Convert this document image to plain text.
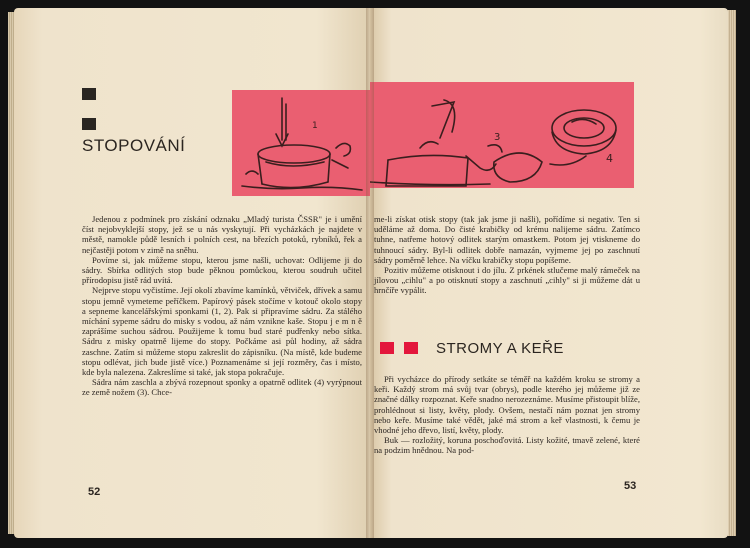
STOPOVÁNÍ
1

Jedenou z podmínek pro získání odznaku „Mladý turista ČSSR" je i umění číst nejobvyklejší stopy, jež se u nás vyskytují. Při vycházkách je najdete v městě, namokle půdě lesních i polních cest, na březích potoků, rybníků, řek a nejčastěji potom v zimě na sněhu.

Povíme si, jak můžeme stopu, kterou jsme našli, uchovat: Odlijeme ji do sádry. Sbírka odlitých stop bude pěknou pomůckou, kterou soudruh učitel přírodopisu jistě rád uvítá.

Nejprve stopu vyčistíme. Její okolí zbavíme kamínků, větviček, dřívek a samu stopu jemně vymeteme peříčkem. Papírový pásek stočíme v kotouč okolo stopy a sepneme kancelářskými sponkami (1, 2). Pak si připravíme sádru. Za stálého míchání sypeme sádru do misky s vodou, až nám vznikne kaše. Stopu j e m n ě zaprášíme suchou sádrou. Použijeme k tomu bud staré pudřenky nebo sítka. Sádru z misky opatrně lijeme do stopy. Počkáme asi půl hodiny, až sádra zaschne. Zatím si můžeme stopu zakreslit do zápisníku. (Na místě, kde budeme stopu odlévat, jich bude jistě více.) Poznamenáme si její rozměry, čas i místo, kde byla nalezena. Zakreslíme si také, jak stopa pokračuje.

Sádra nám zaschla a zbývá rozepnout sponky a opatrně odlitek (4) vyrýpnout ze země nožem (3). Chce-

52
3
4

me-li získat otisk stopy (tak jak jsme ji našli), pořídíme si negativ. Ten si uděláme až doma. Do čisté krabičky od krému nalijeme sádru. Zatímco tuhne, natřeme hotový odlitek starým omastkem. Potom jej vtiskneme do tuhnoucí sádry. Byl-li odlitek dobře namazán, vyjmeme jej po zaschnutí sádry poměrně lehce. Na víčku krabičky stopu popíšeme.

Pozitiv můžeme otisknout i do jílu. Z prkének stlučeme malý rámeček na jílovou „cihlu" a po otisknutí stopy a zaschnutí „cihly" si ji můžeme dát u hrnčíře vypálit.

STROMY A KEŘE

Při vycházce do přírody setkáte se téměř na každém kroku se stromy a keři. Každý strom má svůj tvar (obrys), podle kterého jej můžeme již ze značné dálky rozpoznat. Keře snadno nerozeznáme. Musíme přistoupit blíže, prohlédnout si listy, květy, plody. Ovšem, nestačí nám poznat jen stromy nebo keře. Musíme také vědět, jaké má strom a keř vlastnosti, k čemu je vhodné jeho dřevo, listí, květy, plody.

Buk — rozložitý, koruna poschoďovitá. Listy kožité, tmavě zelené, které na podzim hnědnou. Na pod-

53
